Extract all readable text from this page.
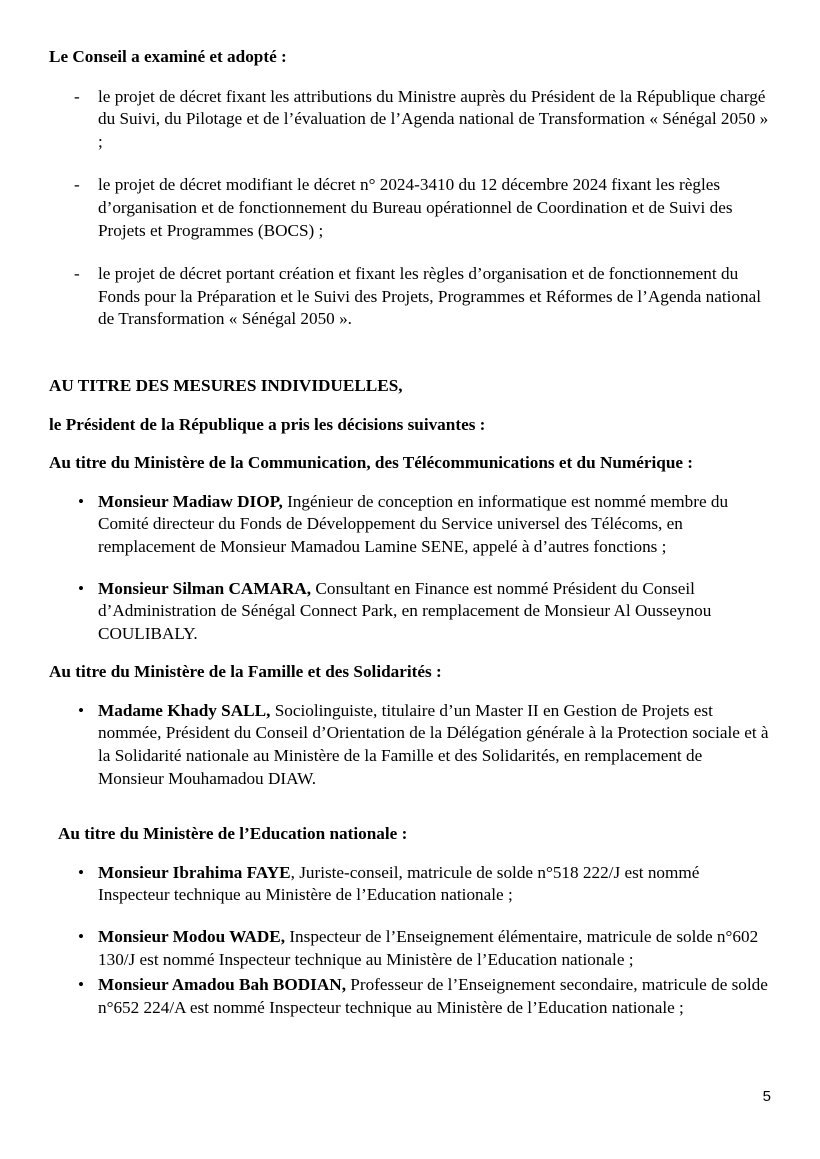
Le Conseil a examiné et adopté :

- le projet de décret fixant les attributions du Ministre auprès du Président de la République chargé du Suivi, du Pilotage et de l’évaluation de l’Agenda national de Transformation « Sénégal 2050 » ;
- le projet de décret modifiant le décret n° 2024-3410 du 12 décembre 2024 fixant les règles d’organisation et de fonctionnement du Bureau opérationnel de Coordination et de Suivi des Projets et Programmes (BOCS) ;
- le projet de décret portant création et fixant les règles d’organisation et de fonctionnement du Fonds pour la Préparation et le Suivi des Projets, Programmes et Réformes de l’Agenda national de Transformation « Sénégal 2050 ».

AU TITRE DES MESURES INDIVIDUELLES,

le Président de la République a pris les décisions suivantes :

Au titre du Ministère de la Communication, des Télécommunications et du Numérique :

• Monsieur Madiaw DIOP, Ingénieur de conception en informatique est nommé membre du Comité directeur du Fonds de Développement du Service universel des Télécoms, en remplacement de Monsieur Mamadou Lamine SENE, appelé à d’autres fonctions ;
• Monsieur Silman CAMARA, Consultant en Finance est nommé Président du Conseil d’Administration de Sénégal Connect Park, en remplacement de Monsieur Al Ousseynou COULIBALY.

Au titre du Ministère de la Famille et des Solidarités :

• Madame Khady SALL, Sociolinguiste, titulaire d’un Master II en Gestion de Projets est nommée, Président du Conseil d’Orientation de la Délégation générale à la Protection sociale et à la Solidarité nationale au Ministère de la Famille et des Solidarités, en remplacement de Monsieur Mouhamadou DIAW.

Au titre du Ministère de l’Education nationale :

• Monsieur Ibrahima FAYE, Juriste-conseil, matricule de solde n°518 222/J est nommé Inspecteur technique au Ministère de l’Education nationale ;
• Monsieur Modou WADE, Inspecteur de l’Enseignement élémentaire, matricule de solde n°602 130/J est nommé Inspecteur technique au Ministère de l’Education nationale ;
• Monsieur Amadou Bah BODIAN, Professeur de l’Enseignement secondaire, matricule de solde n°652 224/A est nommé Inspecteur technique au Ministère de l’Education nationale ;
5
